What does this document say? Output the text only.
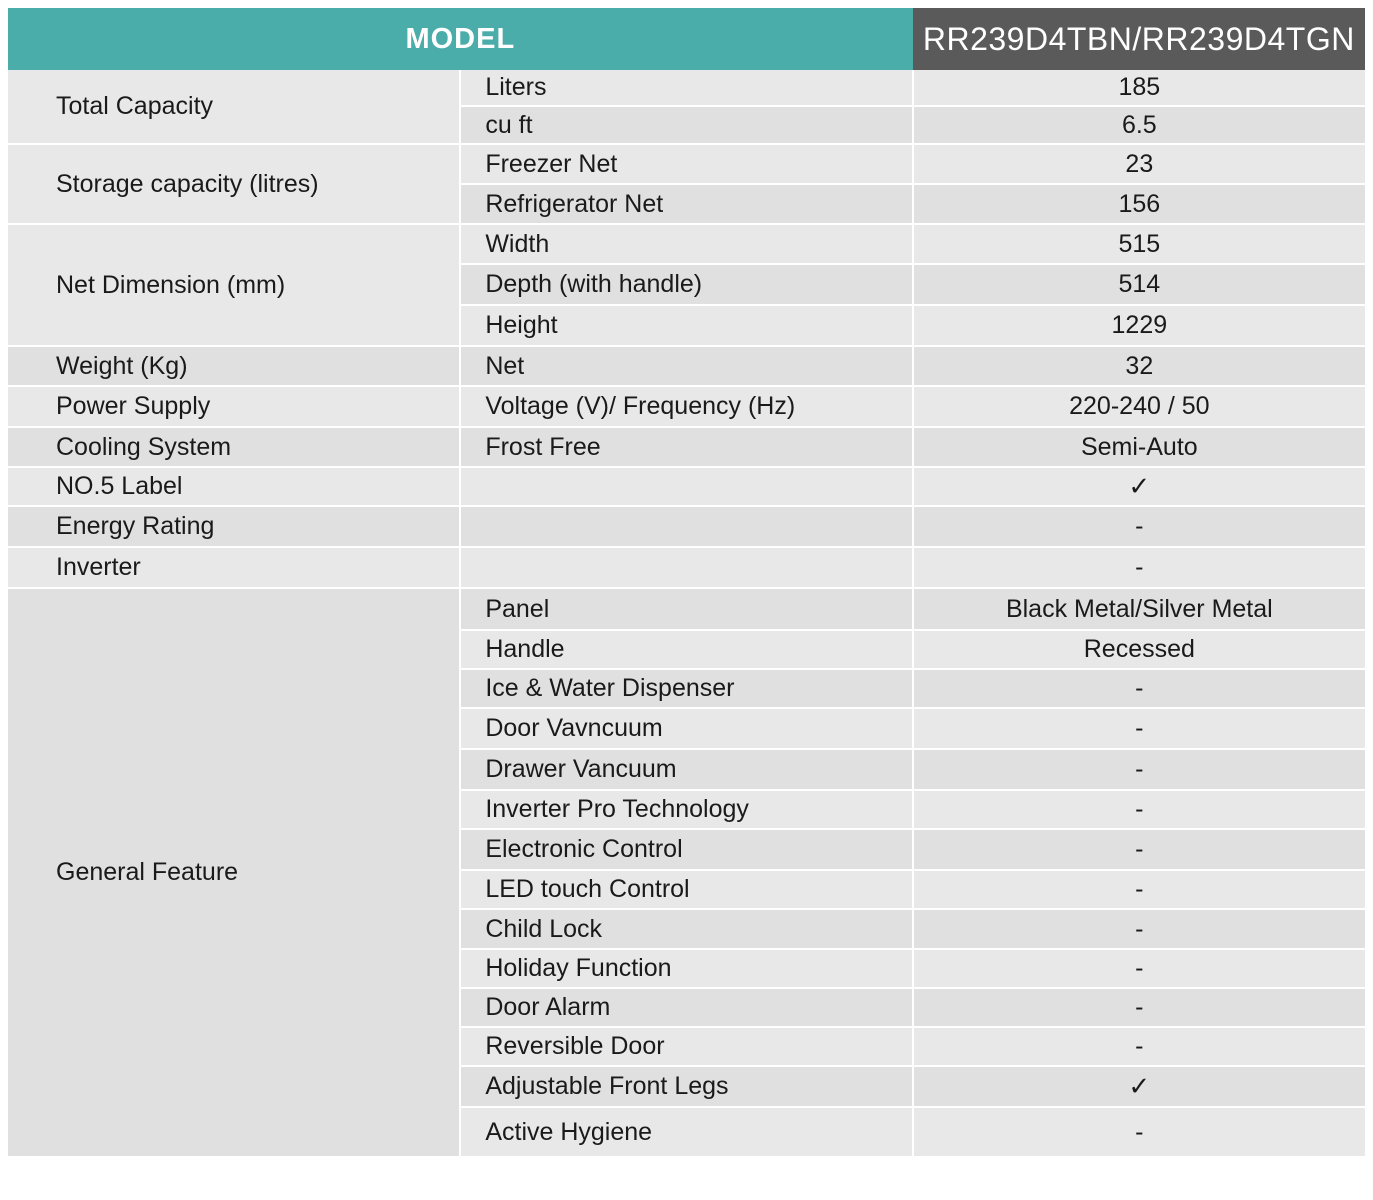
MODEL		RR239D4TBN/RR239D4TGN
Total Capacity	Liters	185
	cu ft	6.5
Storage capacity (litres)	Freezer Net	23
	Refrigerator Net	156
Net Dimension (mm)	Width	515
	Depth (with handle)	514
	Height	1229
Weight (Kg)	Net	32
Power Supply	Voltage (V)/ Frequency (Hz)	220-240 / 50
Cooling System	Frost Free	Semi-Auto
NO.5 Label		✓
Energy Rating		-
Inverter		-
General Feature	Panel	Black Metal/Silver Metal
	Handle	Recessed
	Ice & Water Dispenser	-
	Door Vavncuum	-
	Drawer Vancuum	-
	Inverter Pro Technology	-
	Electronic Control	-
	LED touch Control	-
	Child Lock	-
	Holiday Function	-
	Door Alarm	-
	Reversible Door	-
	Adjustable Front Legs	✓
	Active Hygiene	-
